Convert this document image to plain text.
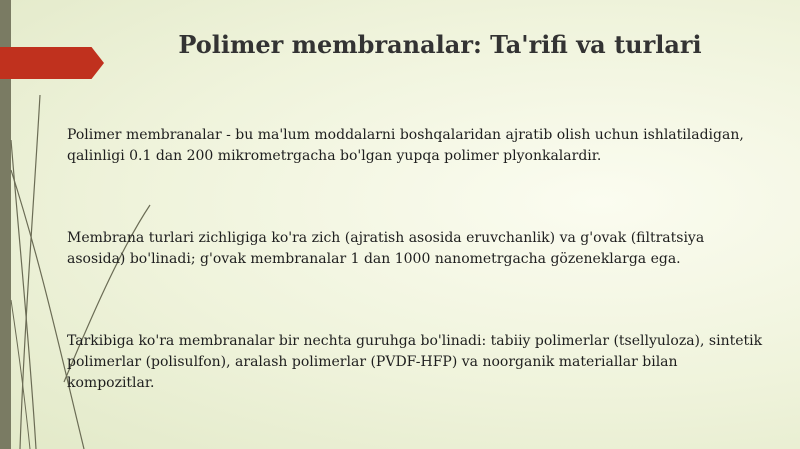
Polimer membranalar: Ta'rifi va turlari

Polimer membranalar - bu ma'lum moddalarni boshqalaridan ajratib olish uchun ishlatiladigan, qalinligi 0.1 dan 200 mikrometrgacha bo'lgan yupqa polimer plyonkalardir.

Membrana turlari zichligiga ko'ra zich (ajratish asosida eruvchanlik) va g'ovak (filtratsiya asosida) bo'linadi; g'ovak membranalar 1 dan 1000 nanometrgacha gözeneklarga ega.

Tarkibiga ko'ra membranalar bir nechta guruhga bo'linadi: tabiiy polimerlar (tsellyuloza), sintetik polimerlar (polisulfon), aralash polimerlar (PVDF-HFP) va noorganik materiallar bilan kompozitlar.
